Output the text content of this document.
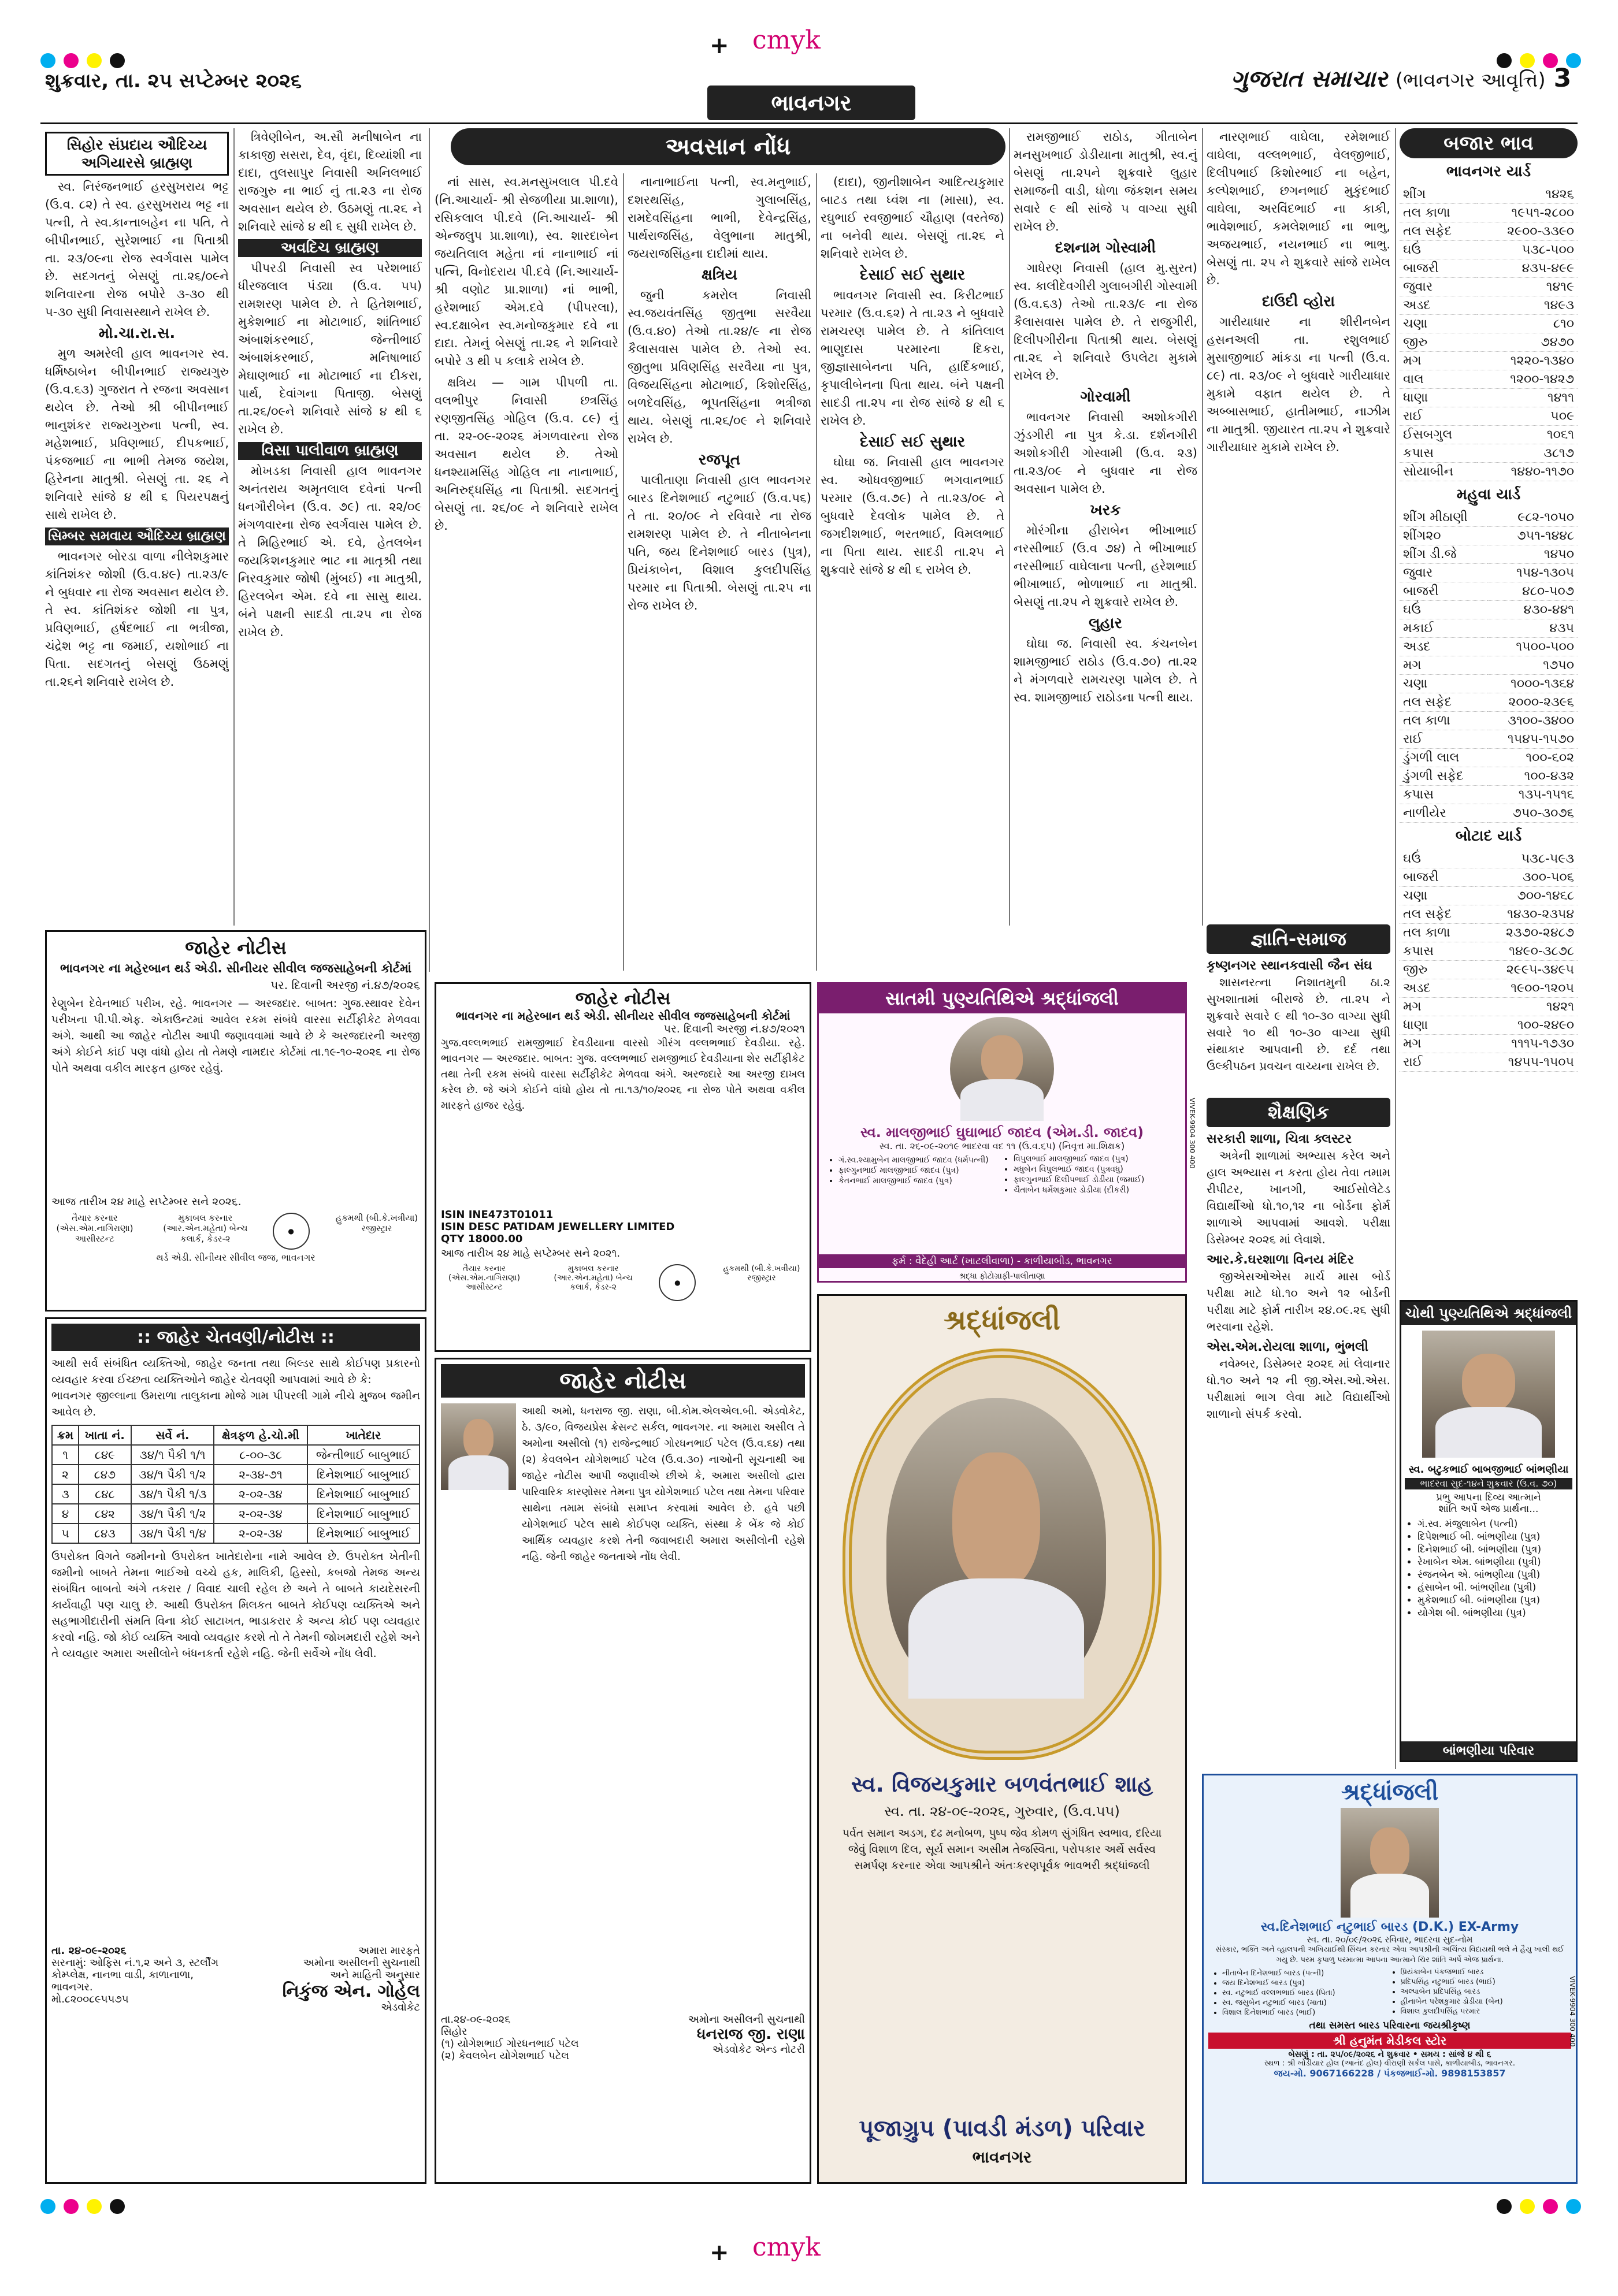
+ cmyk
+ cmyk
શુક્રવાર, તા. ૨૫ સપ્ટેમ્બર ૨૦૨૬	ગુજરાત સમાચાર (ભાવનગર આવૃત્તિ) 3
ભાવનગર
સિહોર સંપ્રદાય ઔદિચ્ય અગિયારસે બ્રાહ્મણ

સ્વ. નિરંજનભાઈ હરસુખરાય ભટ્ટ (ઉ.વ. ૮૨) તે સ્વ. હરસુખરાય ભટ્ટ ના પત્ની, તે સ્વ.કાન્તાબહેન ના પતિ, તે બીપીનભાઈ, સુરેશભાઈ ના પિતાશ્રી તા. ૨૩/૦૯ના રોજ સ્વર્ગવાસ પામેલ છે. સદગતનું બેસણું તા.૨૬/૦૯ને શનિવારના રોજ બપોરે ૩-૩૦ થી ૫-૩૦ સુધી નિવાસસ્થાને રાખેલ છે.

મો.ચા.રા.સ.

મુળ અમરેલી હાલ ભાવનગર સ્વ. ધર્મિષ્ઠાબેન બીપીનભાઈ રાજ્યગુરુ (ઉ.વ.૬૩) ગુજરાત તે રજના અવસાન થયેલ છે. તેઓ શ્રી બીપીનભાઈ ભાનુશંકર રાજ્યગુરુના પત્ની, સ્વ. મહેશભાઈ, પ્રવિણભાઈ, દીપકભાઈ, પંકજભાઈ ના ભાભી તેમજ જયેશ, હિરેનના માતુશ્રી. બેસણું તા. ૨૬ ને શનિવારે સાંજે ૪ થી ૬ પિયરપક્ષનું સાથે રાખેલ છે.

સિમ્બર સમવાય ઔદિચ્ય બ્રાહ્મણ

ભાવનગર બોરડા વાળા નીલેશકુમાર કાંતિશંકર જોશી (ઉ.વ.૪૯) તા.૨૩/૯ ને બુધવાર ના રોજ અવસાન થયેલ છે. તે સ્વ. કાંતિશંકર જોશી ના પુત્ર, પ્રવિણભાઈ, હર્ષદભાઈ ના ભત્રીજા, ચંદ્રેશ ભટ્ટ ના જમાઈ, યશોભાઈ ના પિતા. સદગતનું બેસણું ઉઠમણું તા.૨૬ને શનિવારે રાખેલ છે.

ત્રિવેણીબેન, અ.સૌ મનીષાબેન ના કાકાજી સસરા, દેવ, વૃંદા, દિવ્યાંશી ના દાદા, તુલસાપુર નિવાસી અનિલભાઈ રાજગુરુ ના ભાઈ નું તા.૨૩ ના રોજ અવસાન થયેલ છે. ઉઠમણું તા.૨૬ ને શનિવારે સાંજે ૪ થી ૬ સુધી રાખેલ છે.

અવદિચ બ્રાહ્મણ

પીપરડી નિવાસી સ્વ પરેશભાઈ ધીરજલાલ પંડ્યા (ઉ.વ. ૫૫) રામશરણ પામેલ છે. તે હિતેશભાઈ, મુકેશભાઈ ના મોટાભાઈ, શાંતિભાઈ અંબાશંકરભાઈ, જેન્તીભાઈ અંબાશંકરભાઈ, મનિષાભાઈ મેઘાણભાઈ ના મોટાભાઈ ના દીકરા, પાર્થ, દેવાંગના પિતાજી. બેસણું તા.૨૬/૦૯ને શનિવારે સાંજે ૪ થી ૬ રાખેલ છે.

વિસા પાલીવાળ બ્રાહ્મણ

મોખડકા નિવાસી હાલ ભાવનગર અનંતરાય અમૃતલાલ દવેનાં પત્ની ધનગૌરીબેન (ઉ.વ. ૭૯) તા. ૨૨/૦૯ મંગળવારના રોજ સ્વર્ગવાસ પામેલ છે. તે મિહિરભાઈ એ. દવે, હેતલબેન જયકિશનકુમાર ભાટ ના માતૃશ્રી તથા નિરવકુમાર જોષી (મુંબઈ) ના માતુશ્રી, હિરલબેન એમ. દવે ના સાસુ થાય. બંને પક્ષની સાદડી તા.૨૫ ના રોજ રાખેલ છે.

અવસાન નોંધ

નાં સાસ, સ્વ.મનસુખલાલ પી.દવે (નિ.આચાર્ય- શ્રી સેજળીયા પ્રા.શાળા), રસિકલાલ પી.દવે (નિ.આચાર્ય- શ્રી એન્જલુપ પ્રા.શાળા), સ્વ. શારદાબેન જયતિલાલ મહેતા નાં નાનાભાઈ નાં પત્નિ, વિનોદરાય પી.દવે (નિ.આચાર્ય-શ્રી વણોટ પ્રા.શાળા) નાં ભાભી, હરેશભાઈ એમ.દવે (પીપરલા), સ્વ.દક્ષાબેન સ્વ.મનોજકુમાર દવે ના દાદા. તેમનું બેસણું તા.૨૬ ને શનિવારે બપોરે ૩ થી ૫ કલાકે રાખેલ છે.

ક્ષત્રિય — ગામ પીપળી તા. વલભીપુર નિવાસી છત્રસિંહ રણજીતસિંહ ગોહિલ (ઉ.વ. ૮૯) નું તા. ૨૨-૦૯-૨૦૨૬ મંગળવારના રોજ અવસાન થયેલ છે. તેઓ ધનશ્યામસિંહ ગોહિલ ના નાનાભાઈ, અનિરુદ્ધસિંહ ના પિતાશ્રી. સદગતનું બેસણું તા. ૨૬/૦૯ ને શનિવારે રાખેલ છે.

નાનાભાઈના પત્ની, સ્વ.મનુભાઈ, દશરથસિંહ, ગુલાબસિંહ, રામદેવસિંહના ભાભી, દેવેન્દ્રસિંહ, પાર્થરાજસિંહ, વેલુભાના માતુશ્રી, જયરાજસિંહના દાદીમાં થાય.

ક્ષત્રિય

જુની કમરોલ નિવાસી સ્વ.જયવંતસિંહ જીતુભા સરવૈયા (ઉ.વ.૪૦) તેઓ તા.૨૪/૯ ના રોજ કૈલાસવાસ પામેલ છે. તેઓ સ્વ. જીતુભા પ્રવિણસિંહ સરવૈયા ના પુત્ર, વિજયસિંહના મોટાભાઈ, કિશોરસિંહ, બળદેવસિંહ, ભૂપતસિંહના ભત્રીજા થાય. બેસણું તા.૨૬/૦૯ ને શનિવારે રાખેલ છે.

રજપૂત

પાલીતાણા નિવાસી હાલ ભાવનગર બારડ દિનેશભાઈ નટુભાઈ (ઉ.વ.૫૬) તે તા. ૨૦/૦૯ ને રવિવારે ના રોજ રામશરણ પામેલ છે. તે નીતાબેનના પતિ, જય દિનેશભાઈ બારડ (પુત્ર), પ્રિયંકાબેન, વિશાલ કુલદીપસિંહ પરમાર ના પિતાશ્રી. બેસણું તા.૨૫ ના રોજ રાખેલ છે.

(દાદા), જીનીશાબેન આદિત્યકુમાર બાટડ તથા ધ્વંશ ના (માસા), સ્વ. રઘુભાઈ રવજીભાઈ ચૌહાણ (વરતેજ) ના બનેવી થાય. બેસણું તા.૨૬ ને શનિવારે રાખેલ છે.

દેસાઈ સઈ સુથાર

ભાવનગર નિવાસી સ્વ. કિરીટભાઈ પરમાર (ઉ.વ.૬૨) તે તા.૨૩ ને બુધવારે રામચરણ પામેલ છે. તે કાંતિલાલ ભાણુદાસ પરમારના દિકરા, જીજ્ઞાસાબેનના પતિ, હાર્દિકભાઈ, કૃપાલીબેનના પિતા થાય. બંને પક્ષની સાદડી તા.૨૫ ના રોજ સાંજે ૪ થી ૬ રાખેલ છે.

દેસાઈ સઈ સુથાર

ઘોઘા જ. નિવાસી હાલ ભાવનગર સ્વ. ઓધવજીભાઈ ભગવાનભાઈ પરમાર (ઉ.વ.૭૯) તે તા.૨૩/૦૯ ને બુધવારે દેવલોક પામેલ છે. તે જગદીશભાઈ, ભરતભાઈ, વિમલભાઈ ના પિતા થાય. સાદડી તા.૨૫ ને શુક્રવારે સાંજે ૪ થી ૬ રાખેલ છે.

રામજીભાઈ રાઠોડ, ગીતાબેન મનસુખભાઈ ડોડીયાના માતુશ્રી, સ્વ.નું બેસણું તા.૨૫ને શુક્રવારે લુહાર સમાજની વાડી, ધોળા જંકશન સમય સવારે ૯ થી સાંજે ૫ વાગ્યા સુધી રાખેલ છે.

દશનામ ગોસ્વામી

ગાધેરણ નિવાસી (હાલ મુ.સુરત) સ્વ. કાલીદેવગીરી ગુલાબગીરી ગોસ્વામી (ઉ.વ.૬૩) તેઓ તા.૨૩/૯ ના રોજ કૈલાસવાસ પામેલ છે. તે રાજુગીરી, દિલીપગીરીના પિતાશ્રી થાય. બેસણું તા.૨૬ ને શનિવારે ઉપલેટા મુકામે રાખેલ છે.

ગોરવામી

ભાવનગર નિવાસી અશોકગીરી ઝુંડગીરી ના પુત્ર કે.ડા. દર્શનગીરી અશોકગીરી ગોસ્વામી (ઉ.વ. ૨૩) તા.૨૩/૦૯ ને બુધવાર ના રોજ અવસાન પામેલ છે.

ખરક

મોરંગીના હીરાબેન ભીખાભાઈ નરસીભાઈ (ઉ.વ ૭૪) તે ભીખાભાઈ નરસીભાઈ વાઘેલાના પત્ની, હરેશભાઈ ભીખાભાઈ, ભોળાભાઈ ના માતુશ્રી. બેસણું તા.૨૫ ને શુક્રવારે રાખેલ છે.

લુહાર

ઘોઘા જ. નિવાસી સ્વ. કંચનબેન શામજીભાઈ રાઠોડ (ઉ.વ.૭૦) તા.૨૨ ને મંગળવારે રામચરણ પામેલ છે. તે સ્વ. શામજીભાઈ રાઠોડના પત્ની થાય.

નારણભાઈ વાઘેલા, રમેશભાઈ વાઘેલા, વલ્લભભાઈ, વેલજીભાઈ, દિલીપભાઈ કિશોરભાઈ ના બહેન, કલ્પેશભાઈ, છગનભાઈ મુકુંદભાઈ વાઘેલા, અરવિંદભાઈ ના કાકી, ભાવેશભાઈ, કમલેશભાઈ ના ભાભુ, અજયભાઈ, નયનભાઈ ના ભાભુ. બેસણું તા. ૨૫ ને શુક્રવારે સાંજે રાખેલ છે.

દાઉદી વ્હોરા

ગારીયાધાર ના શીરીનબેન હસનઅલી તા. રશુલભાઈ મુસાજીભાઈ માંકડા ના પત્ની (ઉ.વ. ૮૯) તા. ૨૩/૦૯ ને બુધવારે ગારીયાધાર મુકામે વફાત થયેલ છે. તે અબ્બાસભાઈ, હાતીમભાઈ, નાઝીમ ના માતુશ્રી. જીયારત તા.૨૫ ને શુક્રવારે ગારીયાધાર મુકામે રાખેલ છે.

જ્ઞાતિ-સમાજ
કૃષ્ણનગર સ્થાનકવાસી જૈન સંઘ

શાસનરત્ના નિશાતમુની ઠા.૨ સુખશાતામાં બીરાજે છે. તા.૨૫ ને શુક્રવારે સવારે ૯ થી ૧૦-૩૦ વાગ્યા સુધી સવારે ૧૦ થી ૧૦-૩૦ વાગ્યા સુધી સંથાકાર આપવાની છે. દર્દ તથા ઉલ્કીપઠન પ્રવચન વાચ્યના રાખેલ છે.

શૈક્ષણિક
સરકારી શાળા, ચિત્રા ક્લસ્ટર

અત્રેની શાળામાં અભ્યાસ કરેલ અને હાલ અભ્યાસ ન કરતા હોય તેવા તમામ રીપીટર, ખાનગી, આઈસોલેટેડ વિદ્યાર્થીઓ ધો.૧૦,૧૨ ના બોર્ડના ફોર્મ શાળાએ આપવામાં આવશે. પરીક્ષા ડિસેમ્બર ૨૦૨૬ માં લેવાશે.

આર.કે.ઘરશાળા વિનય મંદિર

જીએસઓએસ માર્ચ માસ બોર્ડ પરીક્ષા માટે ધો.૧૦ અને ૧૨ બોર્ડની પરીક્ષા માટે ફોર્મ તારીખ ૨૪.૦૯.૨૬ સુધી ભરવાના રહેશે.

એસ.એમ.રોયલા શાળા, ભુંભલી

નવેમ્બર, ડિસેમ્બર ૨૦૨૬ માં લેવાનાર ધો.૧૦ અને ૧૨ ની જી.એસ.ઓ.એસ. પરીક્ષામાં ભાગ લેવા માટે વિદ્યાર્થીઓ શાળાનો સંપર્ક કરવો.

બજાર ભાવ
ભાવનગર યાર્ડ
શીંગ	૧૪૨૬
તલ કાળા	૧૯૫૧-૨૮૦૦
તલ સફેદ	૨૯૦૦-૩૩૯૦
ઘઉં	૫૩૮-૫૦૦
બાજરી	૪૩૫-૪૯૯
જુવાર	૧૪૧૯
અડદ	૧૪૯૩
ચણા	૮૧૦
જીરુ	૭૪૭૦
મગ	૧૨૨૦-૧૩૪૦
વાલ	૧૨૦૦-૧૪૨૭
ધાણા	૧૪૧૧
રાઈ	૫૦૯
ઈસબગુલ	૧૦૬૧
કપાસ	૩૮૧૭
સોયાબીન	૧૪૪૦-૧૧૭૦
મહુવા યાર્ડ
શીંગ મીઠાણી	૯૮૨-૧૦૫૦
શીંગ૨૦	૭૫૧-૧૪૪૮
શીંગ ડી.જે	૧૪૫૦
જુવાર	૧૫૪-૧૩૦૫
બાજરી	૪૮૦-૫૦૭
ઘઉં	૪૩૦-૪૪૧
મકાઈ	૪૩૫
અડદ	૧૫૦૦-૫૦૦
મગ	૧૭૫૦
ચણા	૧૦૦૦-૧૩૬૪
તલ સફેદ	૨૦૦૦-૨૩૯૬
તલ કાળા	૩૧૦૦-૩૪૦૦
રાઈ	૧૫૪૫-૧૫૭૦
ડુંગળી લાલ	૧૦૦-૬૦૨
ડુંગળી સફેદ	૧૦૦-૪૩૨
કપાસ	૧૩૫-૧૫૧૬
નાળીયેર	૭૫૦-૩૦૭૬
બોટાદ યાર્ડ
ઘઉં	૫૩૮-૫૯૩
બાજરી	૩૦૦-૫૦૬
ચણા	૭૦૦-૧૪૬૮
તલ સફેદ	૧૪૩૦-૨૩૫૪
તલ કાળા	૨૩૭૦-૨૪૮૭
કપાસ	૧૪૯૦-૩૮૭૮
જીરુ	૨૯૯૫-૩૪૯૫
અડદ	૧૯૦૦-૧૨૦૫
મગ	૧૪૨૧
ધાણા	૧૦૦-૨૪૯૦
મગ	૧૧૧૫-૧૭૩૦
રાઈ	૧૪૫૫-૧૫૦૫
ચોથી પુણ્યતિથિએ શ્રદ્ધાંજલી
સ્વ. બટુકભાઈ બાબજીભાઈ બાંભણીયા
ભાદરવા સુદ-૧૪ને શુક્રવાર (ઉ.વ. ૭૦)
પ્રભુ આપના દિવ્ય આત્માને
શાંતિ અર્પે એજ પ્રાર્થના...
• ગં.સ્વ. મંજુલાબેન (પત્ની)
• દિપેશભાઈ બી. બાંભણીયા (પુત્ર)
• દિનેશભાઈ બી. બાંભણીયા (પુત્ર)
• રેખાબેન એમ. બાંભણીયા (પુત્રી)
• રંજનબેન એ. બાંભણીયા (પુત્રી)
• હંસાબેન બી. બાંભણીયા (પુત્રી)
• મુકેશભાઈ બી. બાંભણીયા (પુત્ર)
• યોગેશ બી. બાંભણીયા (પુત્ર)
બાંભણીયા પરિવાર
જાહેર નોટીસ
ભાવનગર ના મહેરબાન થર્ડ એડી. સીનીયર સીવીલ જજસાહેબની કોર્ટમાં
પર. દિવાની અરજી નં.૪૭/૨૦૨૬
રેણુબેન દેવેનભાઈ પરીખ, રહે. ભાવનગર — અરજદાર. બાબત: ગુજ.સ્થાવર દેવેન પરીખના પી.પી.એફ. એકાઉન્ટમાં આવેલ રકમ સંબંધે વારસા સર્ટીફીકેટ મેળવવા અંગે. આથી આ જાહેર નોટીસ આપી જણાવવામાં આવે છે કે અરજદારની અરજી અંગે કોઈને કાંઈ પણ વાંધો હોય તો તેમણે નામદાર કોર્ટમાં તા.૧૯-૧૦-૨૦૨૬ ના રોજ પોતે અથવા વકીલ મારફત હાજર રહેવું.
આજ તારીખ ૨૪ માહે સપ્ટેમ્બર સને ૨૦૨૬.
તૈયાર કરનાર (એસ.એમ.નાગિરાણા) આસીસ્ટન્ટ
મુકાબલ કરનાર (આર.એન.મહેતા) બેન્ચ કલાર્ક, કેડર-૨
●
હુકમથી (બી.કે.ખત્રીયા) રજીસ્ટ્રાર
થર્ડ એડી. સીનીયર સીવીલ જજ, ભાવનગર
:: જાહેર ચેતવણી/નોટીસ ::
આથી સર્વ સંબંધિત વ્યક્તિઓ, જાહેર જનતા તથા બિલ્ડર સાથે કોઈપણ પ્રકારનો વ્યવહાર કરવા ઈચ્છતા વ્યક્તિઓને જાહેર ચેતવણી આપવામાં આવે છે કે:
ભાવનગર જીલ્લાના ઉમરાળા તાલુકાના મોજે ગામ પીપરલી ગામે નીચે મુજબ જમીન આવેલ છે.
ક્રમ	ખાતા નં.	સર્વે નં.	ક્ષેત્રફળ હે.ચો.મી	ખાતેદાર
૧	૮૪૯	૩૪/૧ પૈકી ૧/૧	૮-૦૦-૩૮	જેન્તીભાઈ બાબુભાઈ
૨	૮૪૭	૩૪/૧ પૈકી ૧/૨	૨-૩૪-૭૧	દિનેશભાઈ બાબુભાઈ
૩	૮૪૮	૩૪/૧ પૈકી ૧/૩	૨-૦૨-૩૪	દિનેશભાઈ બાબુભાઈ
૪	૮૪૨	૩૪/૧ પૈકી ૧/૨	૨-૦૨-૩૪	દિનેશભાઈ બાબુભાઈ
૫	૮૪૩	૩૪/૧ પૈકી ૧/૪	૨-૦૨-૩૪	દિનેશભાઈ બાબુભાઈ
ઉપરોક્ત વિગતે જમીનનો ઉપરોક્ત ખાતેદારોના નામે આવેલ છે. ઉપરોક્ત ખેતીની જમીનો બાબતે તેમના ભાઈઓ વચ્ચે હક, માલિકી, હિસ્સો, કબજો તેમજ અન્ય સંબંધિત બાબતો અંગે તકરાર / વિવાદ ચાલી રહેલ છે અને તે બાબતે કાયદેસરની કાર્યવાહી પણ ચાલુ છે. આથી ઉપરોક્ત મિલકત બાબતે કોઈપણ વ્યક્તિએ અને સહભાગીદારીની સંમતિ વિના કોઈ સાટાખત, ભાડાકરાર કે અન્ય કોઈ પણ વ્યવહાર કરવો નહિ. જો કોઈ વ્યક્તિ આવો વ્યવહાર કરશે તો તે તેમની જોખમદારી રહેશે અને તે વ્યવહાર અમારા અસીલોને બંધનકર્તા રહેશે નહિ. જેની સર્વેએ નોંધ લેવી.
તા. ૨૪-૦૯-૨૦૨૬
સરનામું: ઓફિસ નં.૧,૨ અને ૩, સ્ટર્લીંગ કોમ્પ્લેક્ષ, નાનભા વાડી, કાળાનાળા, ભાવનગર.
મો.૮૨૦૦૮૯૫૫૭૫
અમારા મારફતે
અમોના અસીલની સુચનાથી
અને માહિતી અનુસાર
નિકુંજ એન. ગોહેલ
એડવોકેટ
જાહેર નોટીસ
ભાવનગર ના મહેરબાન થર્ડ એડી. સીનીયર સીવીલ જજસાહેબની કોર્ટમાં
પર. દિવાની અરજી નં.૪૭/૨૦૨૧
ગુજ.વલ્લભભાઈ રામજીભાઈ દેવડીયાના વારસો ગીરંગ વલ્લભભાઈ દેવડીયા. રહે. ભાવનગર — અરજદાર. બાબત: ગુજ. વલ્લભભાઈ રામજીભાઈ દેવડીયાના શેર સર્ટીફીકેટ તથા તેની રકમ સંબંધે વારસા સર્ટીફીકેટ મેળવવા અંગે. અરજદારે આ અરજી દાખલ કરેલ છે. જે અંગે કોઈને વાંધો હોય તો તા.૧૩/૧૦/૨૦૨૬ ના રોજ પોતે અથવા વકીલ મારફતે હાજર રહેવું.
ISIN INE473T01011
ISIN DESC PATIDAM JEWELLERY LIMITED
QTY 18000.00
આજ તારીખ ૨૪ માહે સપ્ટેમ્બર સને ૨૦૨૧.
તૈયાર કરનાર (એસ.એમ.નાગિરાણા) આસીસ્ટન્ટ
મુકાબલ કરનાર (આર.એન.મહેતા) બેન્ચ કલાર્ક, કેડર-૨	●
હુકમથી (બી.કે.ખત્રીયા) રજીસ્ટ્રાર
જાહેર નોટીસ
આથી અમો, ધનરાજ જી. રાણા, બી.કોમ.એલએલ.બી. એડવોકેટ, ઠે. ૩/૯૦, વિજયપ્રેસ ક્રેસન્ટ સર્કલ, ભાવનગર. ના અમારા અસીલ તે અમોના અસીલો (૧) રાજેન્દ્રભાઈ ગોરધનભાઈ પટેલ (ઉ.વ.૬૪) તથા (૨) કેવલબેન યોગેશભાઈ પટેલ (ઉ.વ.૩૦) નાઓની સૂચનાથી આ જાહેર નોટીસ આપી જણાવીએ છીએ કે, અમારા અસીલો દ્વારા પારિવારિક કારણોસર તેમના પુત્ર યોગેશભાઈ પટેલ તથા તેમના પરિવાર સાથેના તમામ સંબંધો સમાપ્ત કરવામાં આવેલ છે. હવે પછી યોગેશભાઈ પટેલ સાથે કોઈપણ વ્યક્તિ, સંસ્થા કે બેંક જે કોઈ આર્થિક વ્યવહાર કરશે તેની જવાબદારી અમારા અસીલોની રહેશે નહિ. જેની જાહેર જનતાએ નોંધ લેવી.
તા.૨૪-૦૯-૨૦૨૬
સિહોર
(૧) યોગેશભાઈ ગોરધનભાઈ પટેલ
(૨) કેવલબેન યોગેશભાઈ પટેલ
અમોના અસીલની સુચનાથી
ધનરાજ જી. રાણા
એડવોકેટ એન્ડ નોટરી
સાતમી પુણ્યતિથિએ શ્રદ્ધાંજલી
સ્વ. માલજીભાઈ ઘુઘાભાઈ જાદવ (એમ.ડી. જાદવ)
સ્વ. તા. ૨૬-૦૯-૨૦૧૯ ભાદરવા વદ ૧૧ (ઉ.વ.૬૫) (નિવૃત્ત મા.શિક્ષક)
• ગં.સ્વ.શ્યામુબેન માલજીભાઈ જાદવ (ધર્મપત્ની)
• ફાલ્ગુનભાઈ માલજીભાઈ જાદવ (પુત્ર)
• કેતનભાઈ માલજીભાઈ જાદવ (પુત્ર)
• વિપુલભાઈ માલજીભાઈ જાદવ (પુત્ર)
• મધુબેન વિપુલભાઈ જાદવ (પુત્રવધુ)
• ફાલ્ગુનભાઈ દિલીપભાઈ ડોડીયા (જમાઈ)
• ચૈતાબેન ધર્મેશકુમાર ડોડીયા (દીકરી)
ફર્મ : વૈદેહી આર્ટ (ખાટલીવાળા) - કાળીયાબીડ, ભાવનગર
શ્રદ્ધા ફોટોગ્રાફી-પાલીતાણા
VIVEK-9904 300 400
શ્રદ્ધાંજલી
સ્વ. વિજયકુમાર બળવંતભાઈ શાહ
સ્વ. તા. ૨૪-૦૯-૨૦૨૬, ગુરુવાર, (ઉ.વ.૫૫)
પર્વત સમાન અડગ, દઢ મનોબળ, પુષ્પ જેવ કોમળ સુંગંધિત સ્વભાવ, દરિયા જેવું વિશાળ દિલ, સૂર્ય સમાન અસીમ તેજસ્વિતા, પરોપકાર અર્થે સર્વસ્વ સમર્પણ કરનાર એવા આપશ્રીને અંતઃકરણપૂર્વક ભાવભરી શ્રદ્ધાંજલી
પૂજાગ્રુપ (પાવડી મંડળ) પરિવાર
ભાવનગર
શ્રદ્ધાંજલી
સ્વ.દિનેશભાઈ નટુભાઈ બારડ (D.K.) EX-Army
સ્વ. તા. ૨૦/૦૯/૨૦૨૬ રવિવાર, ભાદરવા સુદ-નોમ
સંસ્કાર, ભક્તિ અને વ્હાલપની અખિયાઈથી સિંચન કરનાર એવા આપશ્રીની અચિંત્ય વિદાયથી ભલે ને હૈયુ ખાલી થઈ ગયુ છે. પરમ કૃપાળુ પરમાત્મા આપના આત્માને ચિર શાંતિ અર્પે એજ પ્રાર્થના.
• નીતાબેન દિનેશભાઈ બારડ (પત્ની)
• જય દિનેશભાઈ બારડ (પુત્ર)
• સ્વ. નટુભાઈ વલ્લભભાઈ બારડ (પિતા)
• સ્વ. જસુબેન નટુભાઈ બારડ (માતા)
• વિશાલ દિનેશભાઈ બારડ (ભાઈ)
• પ્રિયંકાબેન પંકજભાઈ બારડ
• પ્રદિપસિંહ નટુભાઈ બારડ (ભાઈ)
• અલ્પાબેન પ્રદિપસિંહ બારડ
• હીનાબેન પરેશકુમાર ડોડીયા (બેન)
• વિશાલ કુલદીપસિંહ પરમાર
તથા સમસ્ત બારડ પરિવારના જયશ્રીકૃષ્ણ
શ્રી હનુમંત મેડીકલ સ્ટોર
બેસણું : તા. ૨૫/૦૯/૨૦૨૬ ને શુક્રવાર • સમય : સાંજે ૪ થી ૬
સ્થળ : શ્રી ખોડીયાર હોલ (આનંદ હોલ) વીરાણી સર્કલ પાસે, કાળીયાબીડ, ભાવનગર.
જય-મો. 9067166228 / પંકજભાઈ-મો. 9898153857
VIVEK-9904 300 400
